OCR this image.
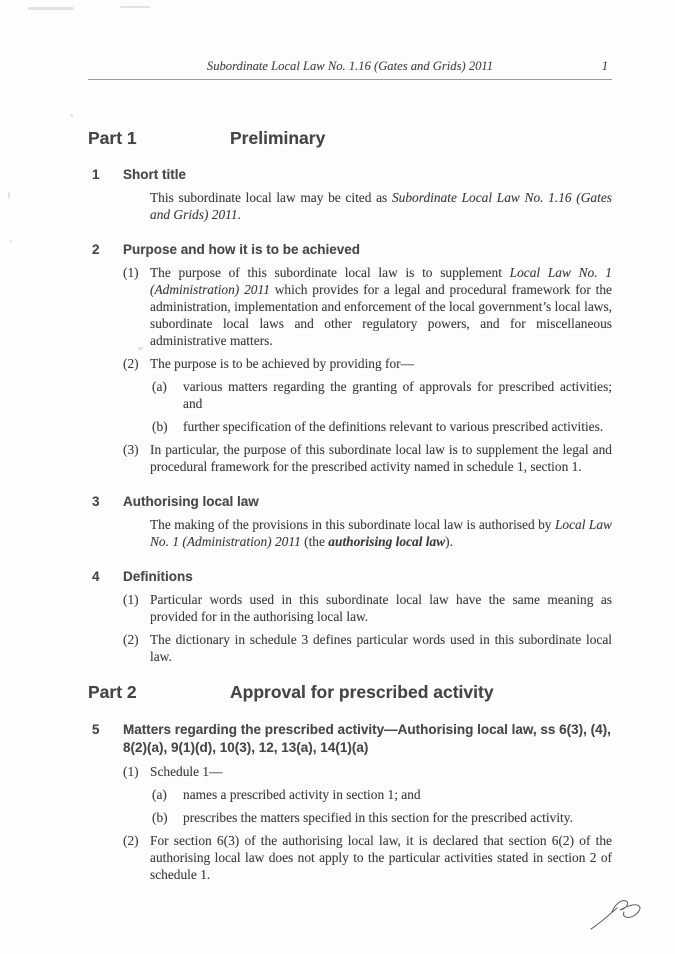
Subordinate Local Law No. 1.16 (Gates and Grids) 2011	1
Part 1	Preliminary
1	Short title
This subordinate local law may be cited as Subordinate Local Law No. 1.16 (Gates and Grids) 2011.
2	Purpose and how it is to be achieved
(1) The purpose of this subordinate local law is to supplement Local Law No. 1 (Administration) 2011 which provides for a legal and procedural framework for the administration, implementation and enforcement of the local government’s local laws, subordinate local laws and other regulatory powers, and for miscellaneous administrative matters.
(2) The purpose is to be achieved by providing for—
(a)	various matters regarding the granting of approvals for prescribed activities; and
(b)	further specification of the definitions relevant to various prescribed activities.
(3) In particular, the purpose of this subordinate local law is to supplement the legal and procedural framework for the prescribed activity named in schedule 1, section 1.
3	Authorising local law
The making of the provisions in this subordinate local law is authorised by Local Law No. 1 (Administration) 2011 (the authorising local law).
4	Definitions
(1) Particular words used in this subordinate local law have the same meaning as provided for in the authorising local law.
(2) The dictionary in schedule 3 defines particular words used in this subordinate local law.
Part 2	Approval for prescribed activity
5	Matters regarding the prescribed activity—Authorising local law, ss 6(3), (4), 8(2)(a), 9(1)(d), 10(3), 12, 13(a), 14(1)(a)
(1) Schedule 1—
(a)	names a prescribed activity in section 1; and
(b)	prescribes the matters specified in this section for the prescribed activity.
(2) For section 6(3) of the authorising local law, it is declared that section 6(2) of the authorising local law does not apply to the particular activities stated in section 2 of schedule 1.
